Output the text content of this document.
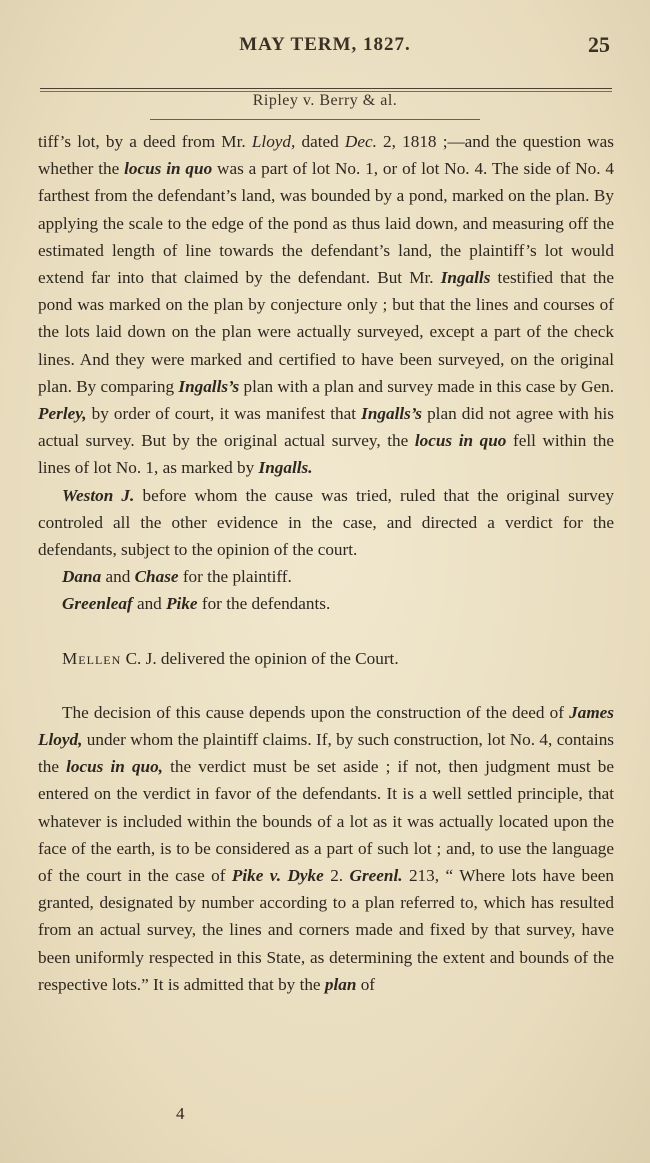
MAY TERM, 1827.	25
Ripley v. Berry & al.

tiff’s lot, by a deed from Mr. Lloyd, dated Dec. 2, 1818 ;—and the question was whether the locus in quo was a part of lot No. 1, or of lot No. 4. The side of No. 4 farthest from the defendant’s land, was bounded by a pond, marked on the plan. By applying the scale to the edge of the pond as thus laid down, and measuring off the estimated length of line towards the defendant’s land, the plaintiff’s lot would extend far into that claimed by the defendant. But Mr. Ingalls testified that the pond was marked on the plan by conjecture only ; but that the lines and courses of the lots laid down on the plan were actually surveyed, except a part of the check lines. And they were marked and certified to have been surveyed, on the original plan. By comparing Ingalls’s plan with a plan and survey made in this case by Gen. Perley, by order of court, it was manifest that Ingalls’s plan did not agree with his actual survey. But by the original actual survey, the locus in quo fell within the lines of lot No. 1, as marked by Ingalls.

Weston J. before whom the cause was tried, ruled that the original survey controled all the other evidence in the case, and directed a verdict for the defendants, subject to the opinion of the court.

Dana and Chase for the plaintiff.

Greenleaf and Pike for the defendants.

Mellen C. J. delivered the opinion of the Court.

The decision of this cause depends upon the construction of the deed of James Lloyd, under whom the plaintiff claims. If, by such construction, lot No. 4, contains the locus in quo, the verdict must be set aside ; if not, then judgment must be entered on the verdict in favor of the defendants. It is a well settled principle, that whatever is included within the bounds of a lot as it was actually located upon the face of the earth, is to be considered as a part of such lot ; and, to use the language of the court in the case of Pike v. Dyke 2. Greenl. 213, “ Where lots have been granted, designated by number according to a plan referred to, which has resulted from an actual survey, the lines and corners made and fixed by that survey, have been uniformly respected in this State, as determining the extent and bounds of the respective lots.” It is admitted that by the plan of

4
